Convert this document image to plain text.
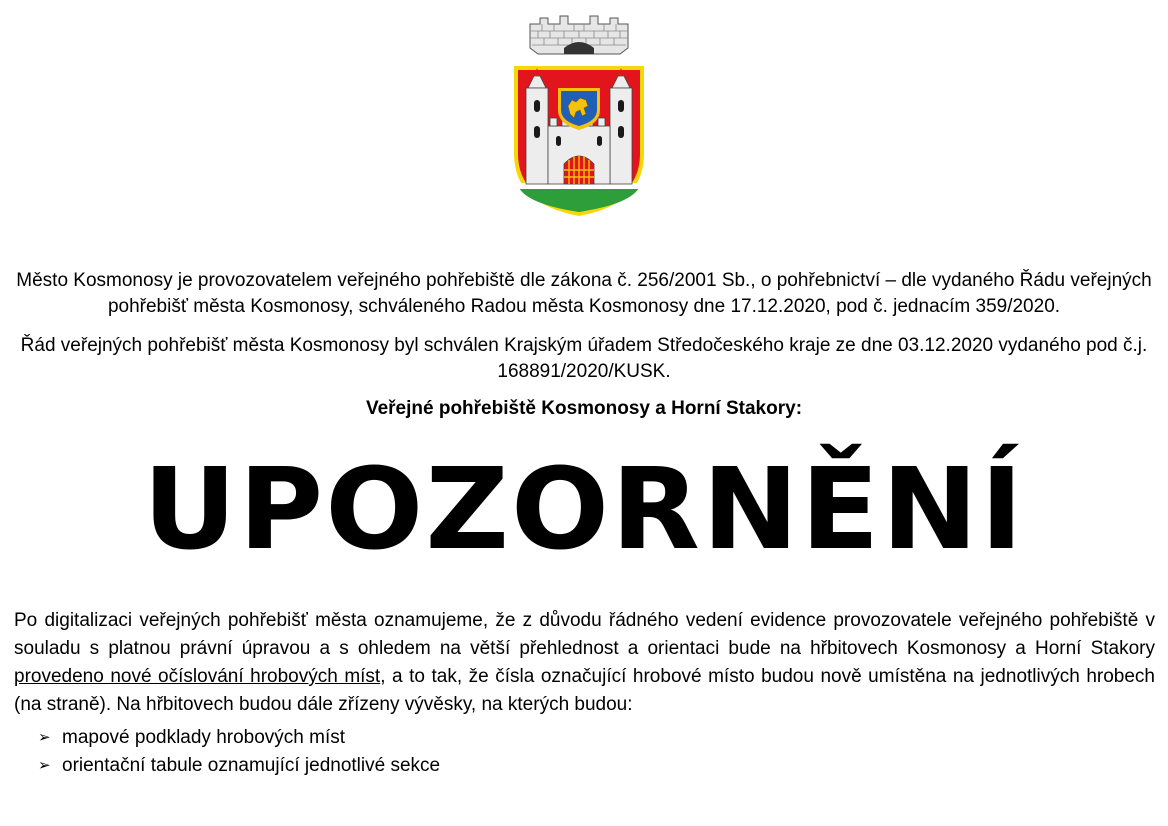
Město Kosmonosy je provozovatelem veřejného pohřebiště dle zákona č. 256/2001 Sb., o pohřebnictví – dle vydaného Řádu veřejných pohřebišť města Kosmonosy, schváleného Radou města Kosmonosy dne 17.12.2020, pod č. jednacím 359/2020.

Řád veřejných pohřebišť města Kosmonosy byl schválen Krajským úřadem Středočeského kraje ze dne 03.12.2020 vydaného pod č.j. 168891/2020/KUSK.

Veřejné pohřebiště Kosmonosy a Horní Stakory:

UPOZORNĚNÍ

Po digitalizaci veřejných pohřebišť města oznamujeme, že z důvodu řádného vedení evidence provozovatele veřejného pohřebiště v souladu s platnou právní úpravou a s ohledem na větší přehlednost a orientaci bude na hřbitovech Kosmonosy a Horní Stakory provedeno nové očíslování hrobových míst, a to tak, že čísla označující hrobové místo budou nově umístěna na jednotlivých hrobech (na straně). Na hřbitovech budou dále zřízeny vývěsky, na kterých budou:

➢ mapové podklady hrobových míst
➢ orientační tabule oznamující jednotlivé sekce
